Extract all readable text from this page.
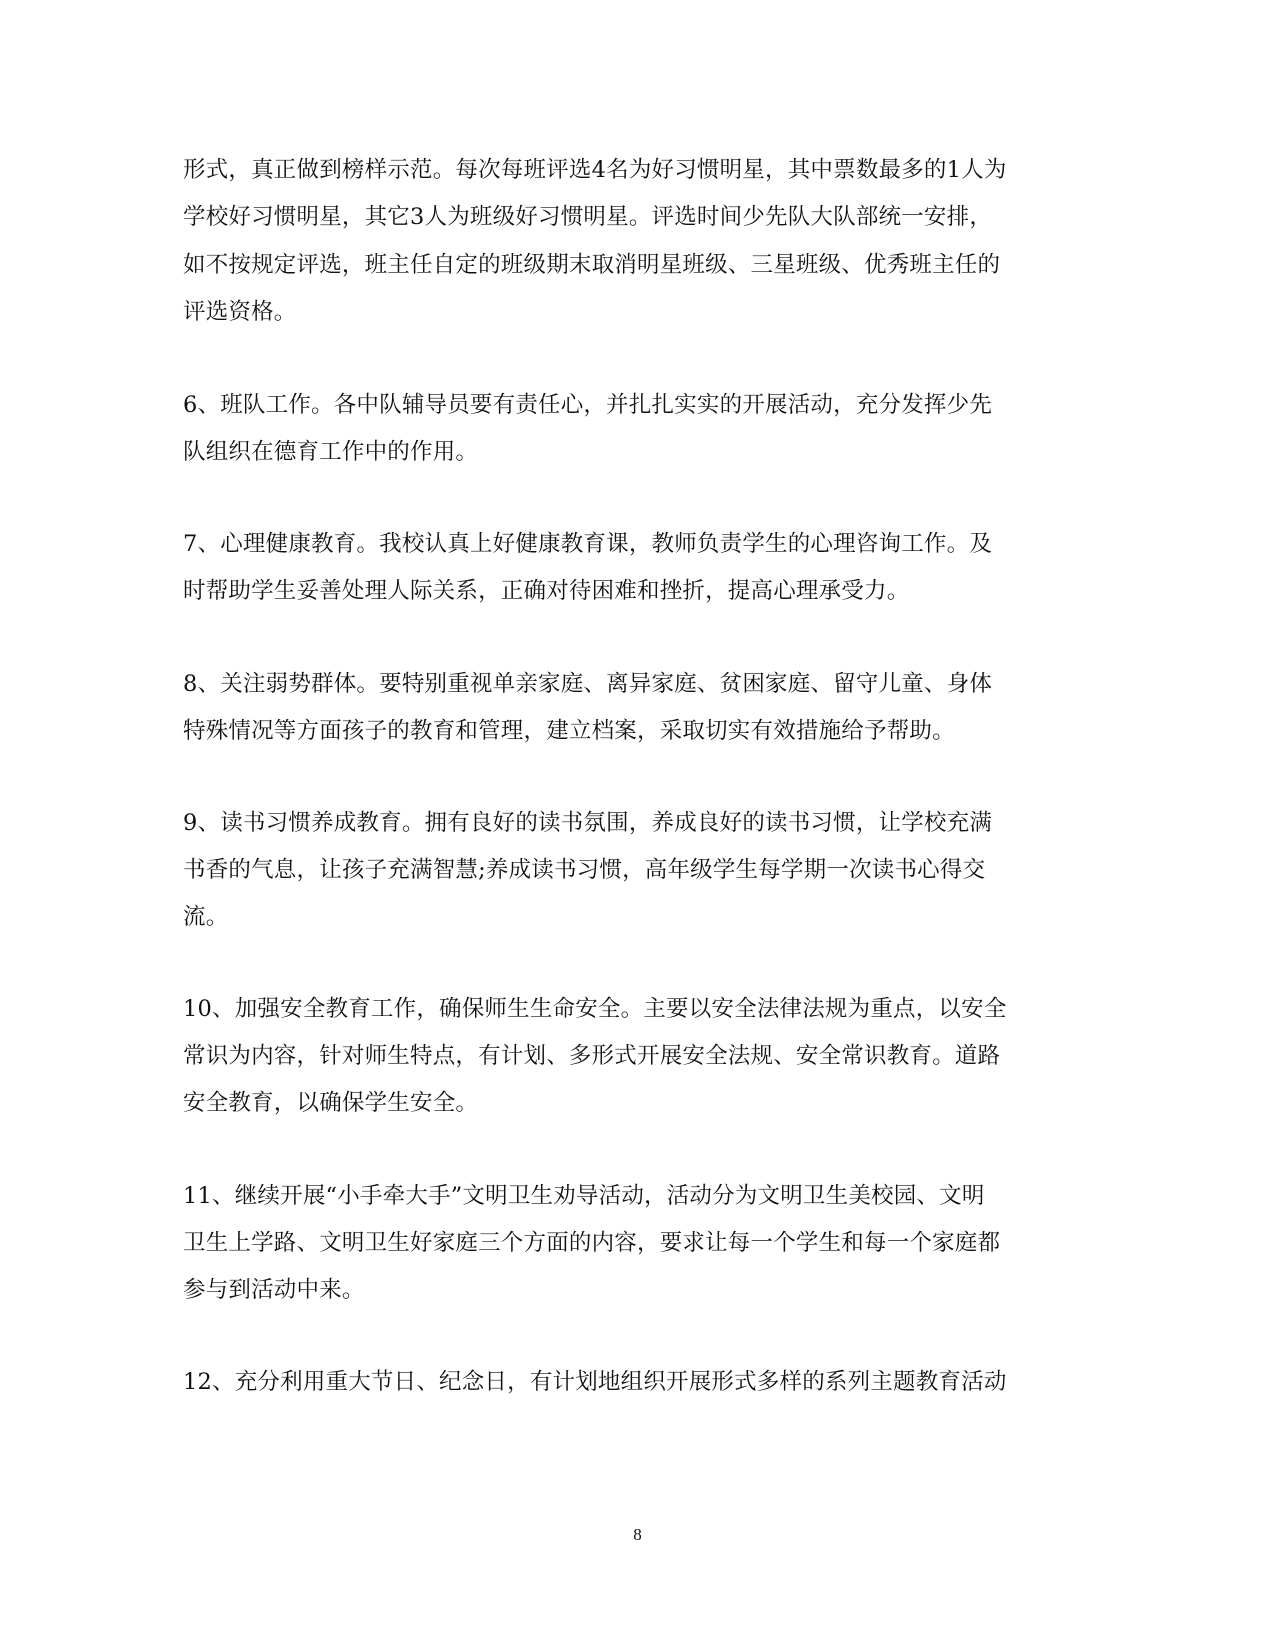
形式，真正做到榜样示范。每次每班评选4名为好习惯明星，其中票数最多的1人为
学校好习惯明星，其它3人为班级好习惯明星。评选时间少先队大队部统一安排，
如不按规定评选，班主任自定的班级期末取消明星班级、三星班级、优秀班主任的
评选资格。
6、班队工作。各中队辅导员要有责任心，并扎扎实实的开展活动，充分发挥少先
队组织在德育工作中的作用。
7、心理健康教育。我校认真上好健康教育课，教师负责学生的心理咨询工作。及
时帮助学生妥善处理人际关系，正确对待困难和挫折，提高心理承受力。
8、关注弱势群体。要特别重视单亲家庭、离异家庭、贫困家庭、留守儿童、身体
特殊情况等方面孩子的教育和管理，建立档案，采取切实有效措施给予帮助。
9、读书习惯养成教育。拥有良好的读书氛围，养成良好的读书习惯，让学校充满
书香的气息，让孩子充满智慧;养成读书习惯，高年级学生每学期一次读书心得交
流。
10、加强安全教育工作，确保师生生命安全。主要以安全法律法规为重点，以安全
常识为内容，针对师生特点，有计划、多形式开展安全法规、安全常识教育。道路
安全教育，以确保学生安全。
11、继续开展“小手牵大手”文明卫生劝导活动，活动分为文明卫生美校园、文明
卫生上学路、文明卫生好家庭三个方面的内容，要求让每一个学生和每一个家庭都
参与到活动中来。
12、充分利用重大节日、纪念日，有计划地组织开展形式多样的系列主题教育活动
8
